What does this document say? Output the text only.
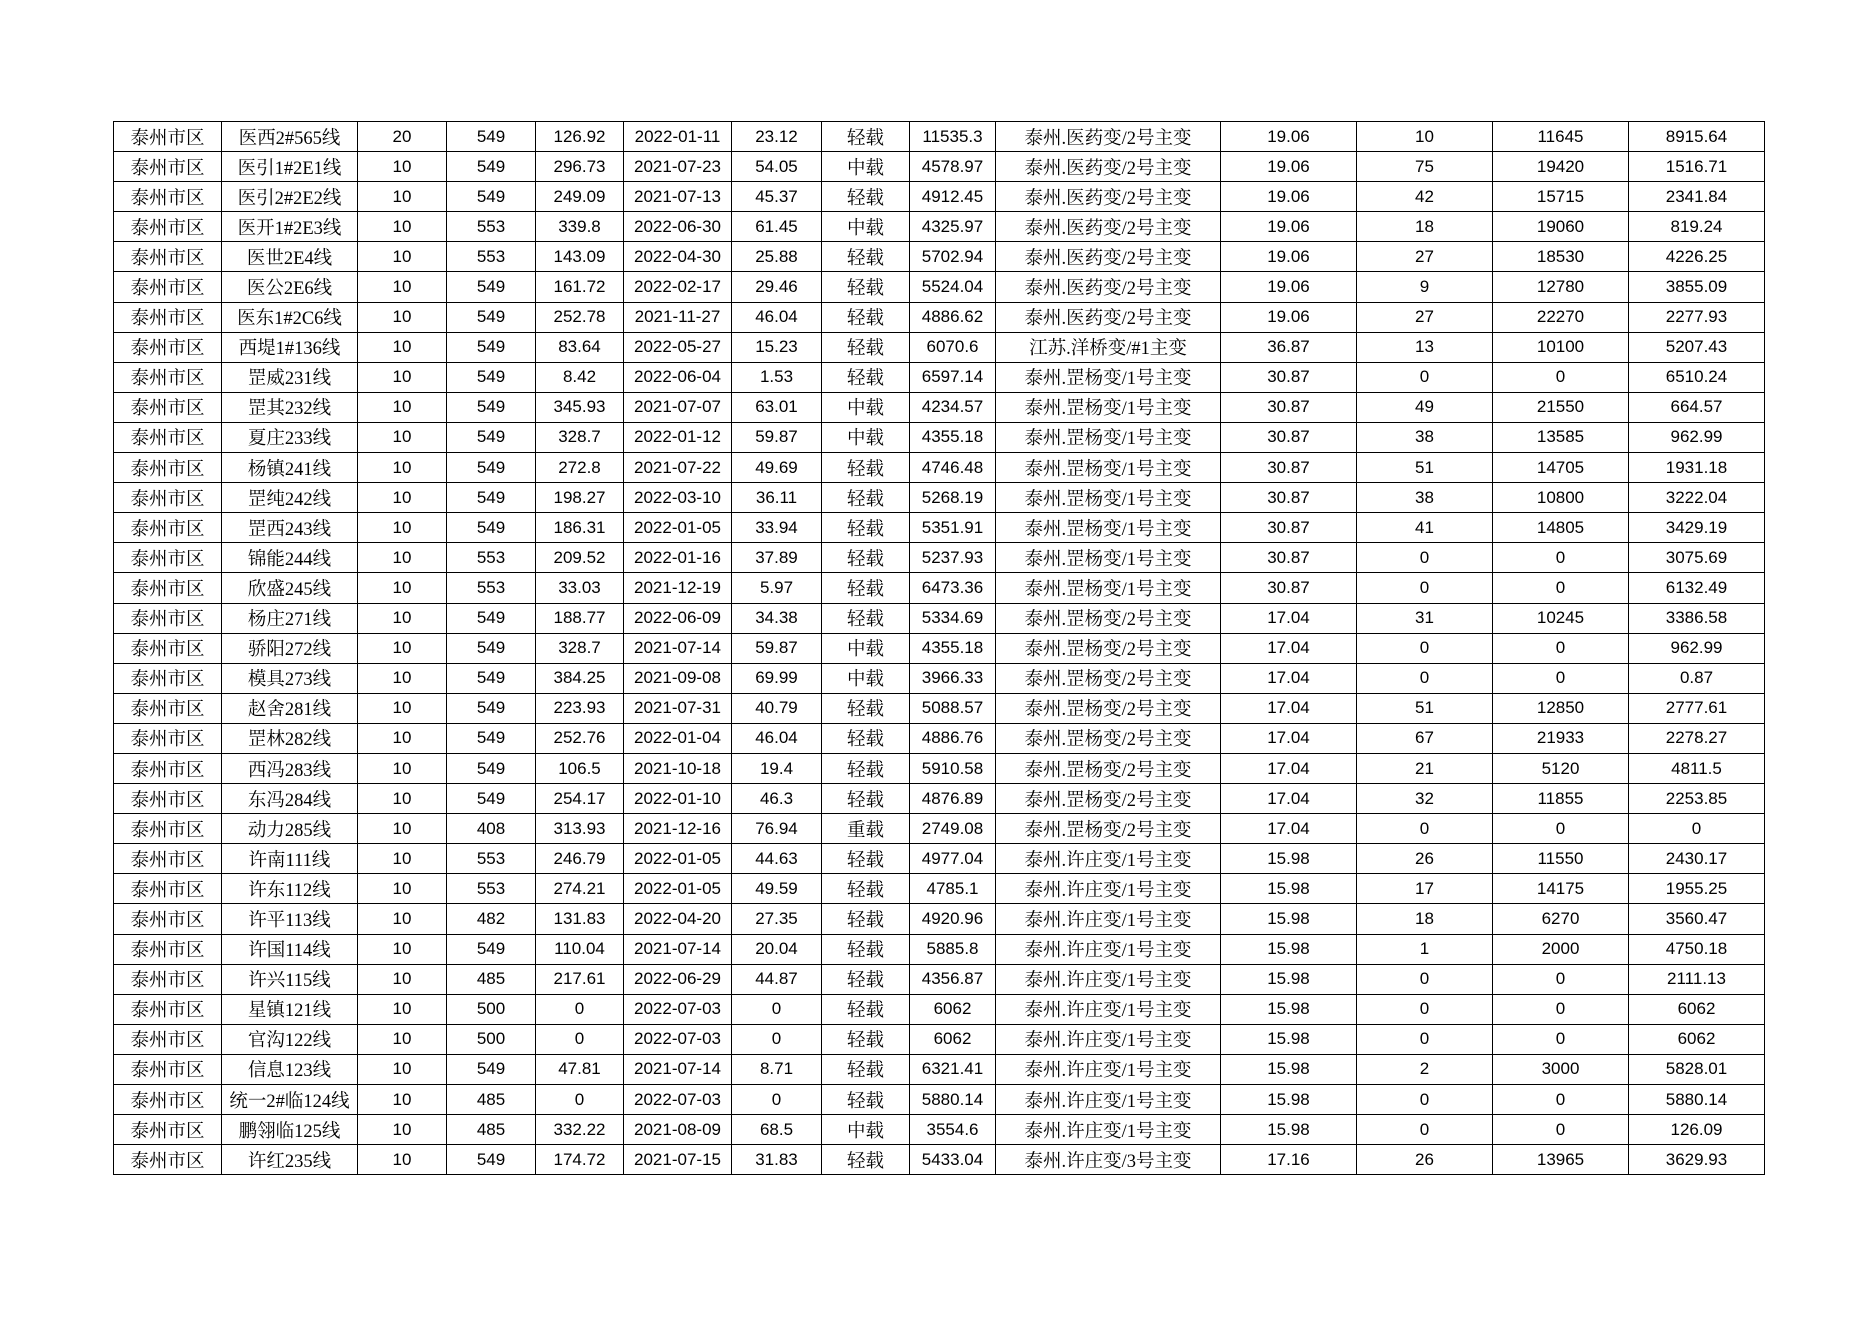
泰州市区	医西2#565线	20	549	126.92	2022-01-11	23.12	轻载	11535.3	泰州.医药变/2号主变	19.06	10	11645	8915.64
泰州市区	医引1#2E1线	10	549	296.73	2021-07-23	54.05	中载	4578.97	泰州.医药变/2号主变	19.06	75	19420	1516.71
泰州市区	医引2#2E2线	10	549	249.09	2021-07-13	45.37	轻载	4912.45	泰州.医药变/2号主变	19.06	42	15715	2341.84
泰州市区	医开1#2E3线	10	553	339.8	2022-06-30	61.45	中载	4325.97	泰州.医药变/2号主变	19.06	18	19060	819.24
泰州市区	医世2E4线	10	553	143.09	2022-04-30	25.88	轻载	5702.94	泰州.医药变/2号主变	19.06	27	18530	4226.25
泰州市区	医公2E6线	10	549	161.72	2022-02-17	29.46	轻载	5524.04	泰州.医药变/2号主变	19.06	9	12780	3855.09
泰州市区	医东1#2C6线	10	549	252.78	2021-11-27	46.04	轻载	4886.62	泰州.医药变/2号主变	19.06	27	22270	2277.93
泰州市区	西堤1#136线	10	549	83.64	2022-05-27	15.23	轻载	6070.6	江苏.洋桥变/#1主变	36.87	13	10100	5207.43
泰州市区	罡威231线	10	549	8.42	2022-06-04	1.53	轻载	6597.14	泰州.罡杨变/1号主变	30.87	0	0	6510.24
泰州市区	罡其232线	10	549	345.93	2021-07-07	63.01	中载	4234.57	泰州.罡杨变/1号主变	30.87	49	21550	664.57
泰州市区	夏庄233线	10	549	328.7	2022-01-12	59.87	中载	4355.18	泰州.罡杨变/1号主变	30.87	38	13585	962.99
泰州市区	杨镇241线	10	549	272.8	2021-07-22	49.69	轻载	4746.48	泰州.罡杨变/1号主变	30.87	51	14705	1931.18
泰州市区	罡纯242线	10	549	198.27	2022-03-10	36.11	轻载	5268.19	泰州.罡杨变/1号主变	30.87	38	10800	3222.04
泰州市区	罡西243线	10	549	186.31	2022-01-05	33.94	轻载	5351.91	泰州.罡杨变/1号主变	30.87	41	14805	3429.19
泰州市区	锦能244线	10	553	209.52	2022-01-16	37.89	轻载	5237.93	泰州.罡杨变/1号主变	30.87	0	0	3075.69
泰州市区	欣盛245线	10	553	33.03	2021-12-19	5.97	轻载	6473.36	泰州.罡杨变/1号主变	30.87	0	0	6132.49
泰州市区	杨庄271线	10	549	188.77	2022-06-09	34.38	轻载	5334.69	泰州.罡杨变/2号主变	17.04	31	10245	3386.58
泰州市区	骄阳272线	10	549	328.7	2021-07-14	59.87	中载	4355.18	泰州.罡杨变/2号主变	17.04	0	0	962.99
泰州市区	模具273线	10	549	384.25	2021-09-08	69.99	中载	3966.33	泰州.罡杨变/2号主变	17.04	0	0	0.87
泰州市区	赵舍281线	10	549	223.93	2021-07-31	40.79	轻载	5088.57	泰州.罡杨变/2号主变	17.04	51	12850	2777.61
泰州市区	罡林282线	10	549	252.76	2022-01-04	46.04	轻载	4886.76	泰州.罡杨变/2号主变	17.04	67	21933	2278.27
泰州市区	西冯283线	10	549	106.5	2021-10-18	19.4	轻载	5910.58	泰州.罡杨变/2号主变	17.04	21	5120	4811.5
泰州市区	东冯284线	10	549	254.17	2022-01-10	46.3	轻载	4876.89	泰州.罡杨变/2号主变	17.04	32	11855	2253.85
泰州市区	动力285线	10	408	313.93	2021-12-16	76.94	重载	2749.08	泰州.罡杨变/2号主变	17.04	0	0	0
泰州市区	许南111线	10	553	246.79	2022-01-05	44.63	轻载	4977.04	泰州.许庄变/1号主变	15.98	26	11550	2430.17
泰州市区	许东112线	10	553	274.21	2022-01-05	49.59	轻载	4785.1	泰州.许庄变/1号主变	15.98	17	14175	1955.25
泰州市区	许平113线	10	482	131.83	2022-04-20	27.35	轻载	4920.96	泰州.许庄变/1号主变	15.98	18	6270	3560.47
泰州市区	许国114线	10	549	110.04	2021-07-14	20.04	轻载	5885.8	泰州.许庄变/1号主变	15.98	1	2000	4750.18
泰州市区	许兴115线	10	485	217.61	2022-06-29	44.87	轻载	4356.87	泰州.许庄变/1号主变	15.98	0	0	2111.13
泰州市区	星镇121线	10	500	0	2022-07-03	0	轻载	6062	泰州.许庄变/1号主变	15.98	0	0	6062
泰州市区	官沟122线	10	500	0	2022-07-03	0	轻载	6062	泰州.许庄变/1号主变	15.98	0	0	6062
泰州市区	信息123线	10	549	47.81	2021-07-14	8.71	轻载	6321.41	泰州.许庄变/1号主变	15.98	2	3000	5828.01
泰州市区	统一2#临124线	10	485	0	2022-07-03	0	轻载	5880.14	泰州.许庄变/1号主变	15.98	0	0	5880.14
泰州市区	鹏翎临125线	10	485	332.22	2021-08-09	68.5	中载	3554.6	泰州.许庄变/1号主变	15.98	0	0	126.09
泰州市区	许红235线	10	549	174.72	2021-07-15	31.83	轻载	5433.04	泰州.许庄变/3号主变	17.16	26	13965	3629.93
